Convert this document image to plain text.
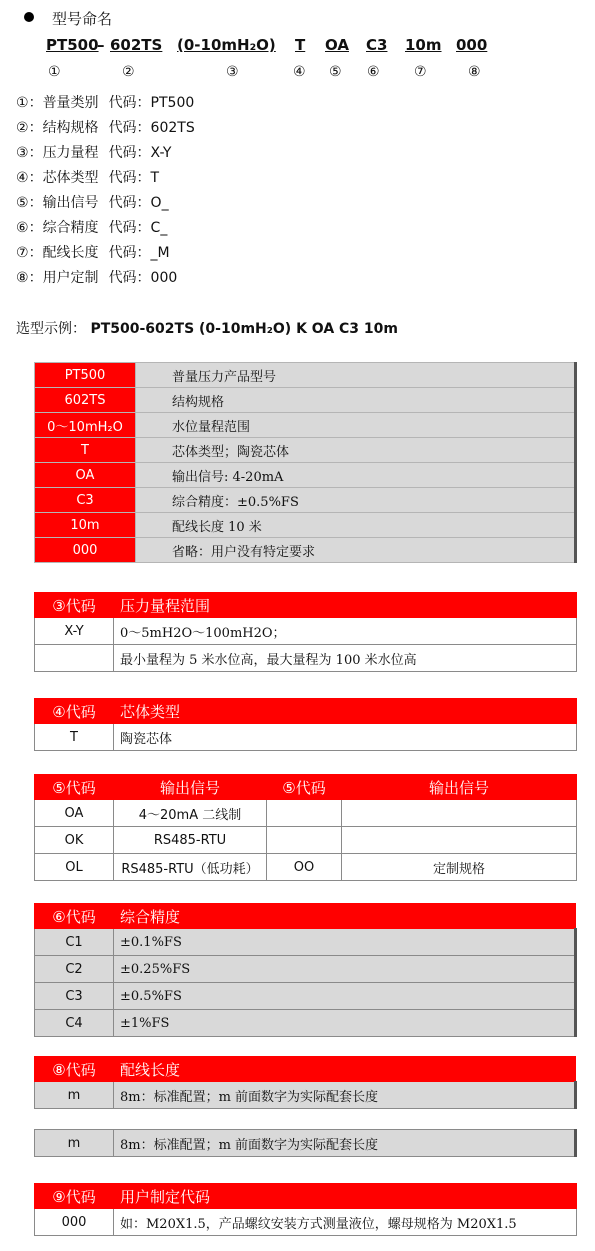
型号命名
PT500
– 602TS (0-10mH₂O) T OA C3 10m 000
①	②	③	④ ⑤ ⑥ ⑦	⑧
①：普量类别 代码：PT500
②：结构规格 代码：602TS
③：压力量程 代码：X-Y
④：芯体类型 代码：T
⑤：输出信号 代码：O_
⑥：综合精度 代码：C_
⑦：配线长度 代码：_M
⑧：用户定制 代码：000
选型示例： PT500-602TS (0-10mH₂O) K OA C3 10m
PT500	普量压力产品型号
602TS	结构规格
0～10mH₂O	水位量程范围
T	芯体类型；陶瓷芯体
OA	输出信号: 4-20mA
C3	综合精度：±0.5%FS
10m	配线长度 10 米
000	省略：用户没有特定要求
③代码	压力量程范围
X-Y	0～5mH2O～100mH2O；
	最小量程为 5 米水位高，最大量程为 100 米水位高
④代码	芯体类型
T	陶瓷芯体
⑤代码	输出信号	⑤代码	输出信号
OA	4～20mA 二线制		
OK	RS485-RTU		
OL	RS485-RTU（低功耗）	OO	定制规格
⑥代码	综合精度
C1	±0.1%FS
C2	±0.25%FS
C3	±0.5%FS
C4	±1%FS
⑧代码	配线长度
m	8m：标准配置；m 前面数字为实际配套长度
m	8m：标准配置；m 前面数字为实际配套长度
⑨代码	用户制定代码
000	如：M20X1.5，产品螺纹安装方式测量液位，螺母规格为 M20X1.5
